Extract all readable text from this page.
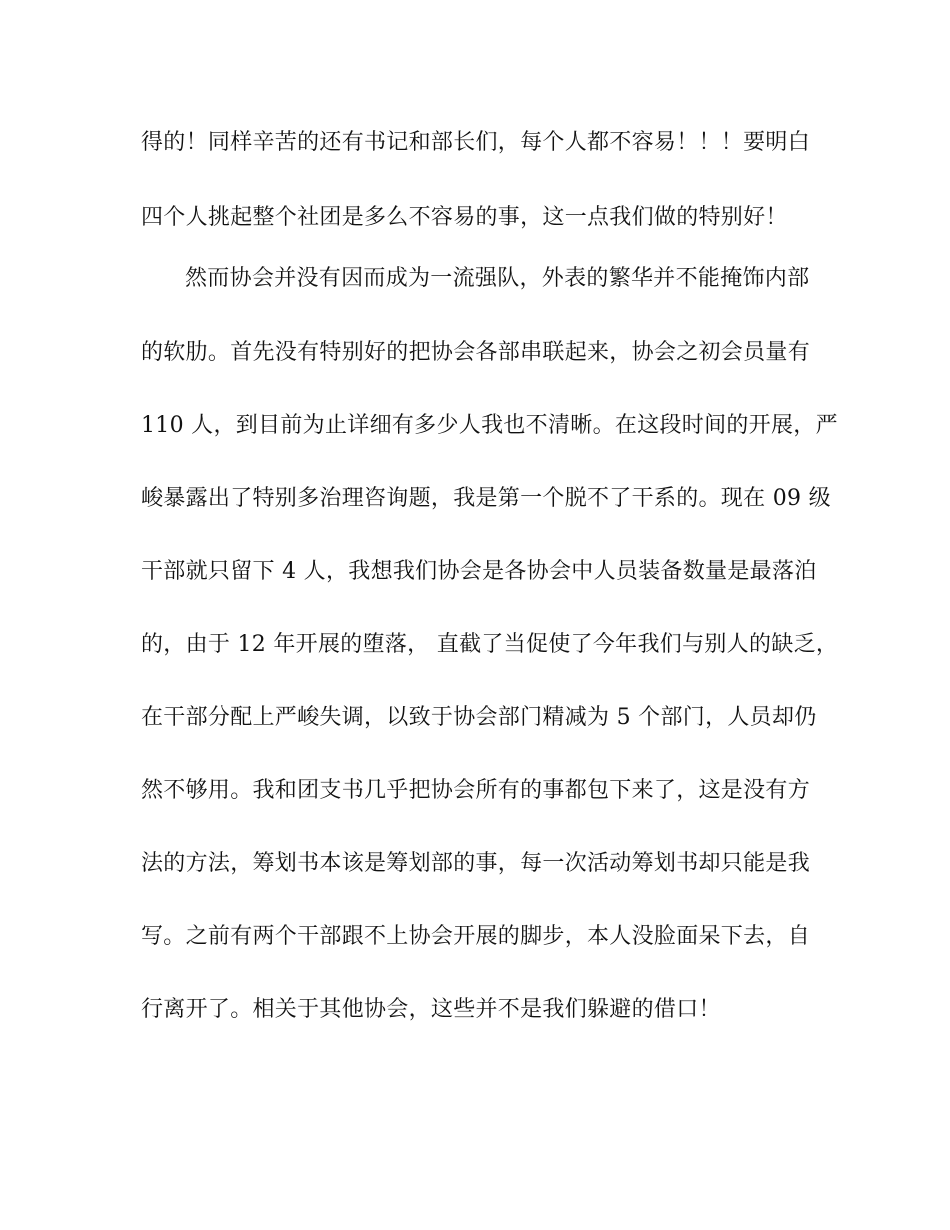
得的！同样辛苦的还有书记和部长们，每个人都不容易！！！要明白
四个人挑起整个社团是多么不容易的事，这一点我们做的特别好！
然而协会并没有因而成为一流强队，外表的繁华并不能掩饰内部
的软肋。首先没有特别好的把协会各部串联起来，协会之初会员量有
110 人，到目前为止详细有多少人我也不清晰。在这段时间的开展，严
峻暴露出了特别多治理咨询题，我是第一个脱不了干系的。现在 09 级
干部就只留下 4 人，我想我们协会是各协会中人员装备数量是最落泊
的，由于 12 年开展的堕落， 直截了当促使了今年我们与别人的缺乏，
在干部分配上严峻失调，以致于协会部门精减为 5 个部门，人员却仍
然不够用。我和团支书几乎把协会所有的事都包下来了，这是没有方
法的方法，筹划书本该是筹划部的事，每一次活动筹划书却只能是我
写。之前有两个干部跟不上协会开展的脚步，本人没脸面呆下去，自
行离开了。相关于其他协会，这些并不是我们躲避的借口！
